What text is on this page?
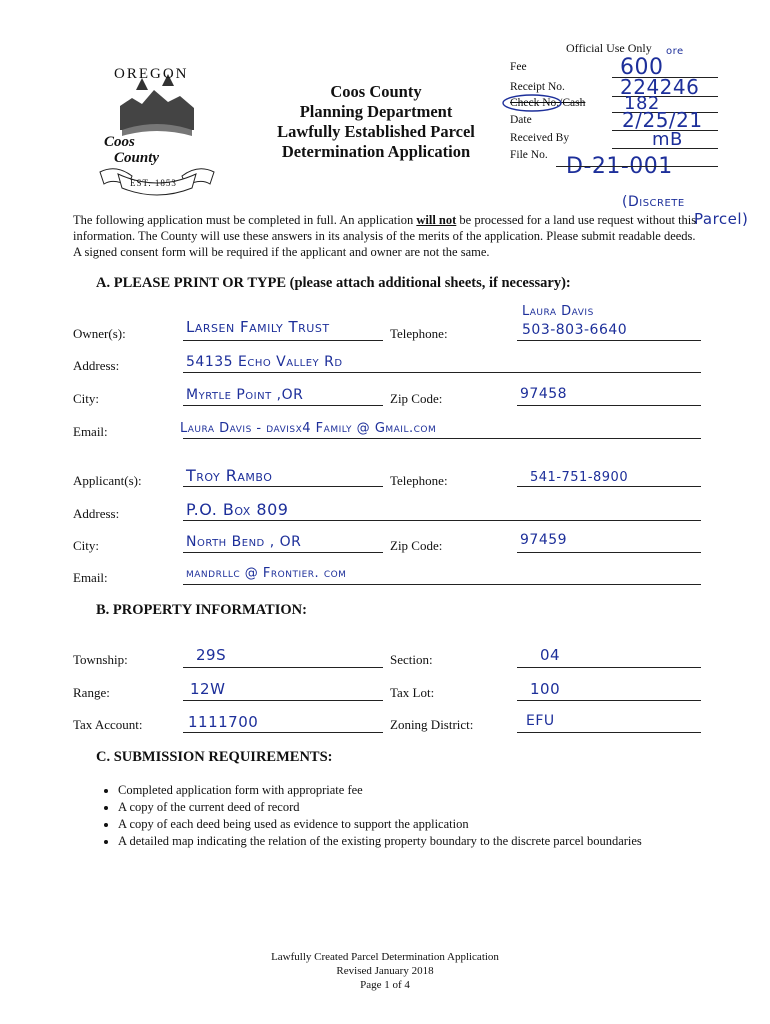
OREGON
Coos
County
EST. 1853
Coos County
Planning Department
Lawfully Established Parcel
Determination Application
Official Use Only ore
Fee	600
Receipt No.	224246
Check No./Cash 182
Date	2/25/21
Received By	mB
File No. D-21-001
(Discrete
Parcel)
The following application must be completed in full. An application will not be processed for a land use request without this information. The County will use these answers in its analysis of the merits of the application. Please submit readable deeds. A signed consent form will be required if the applicant and owner are not the same.
A. PLEASE PRINT OR TYPE (please attach additional sheets, if necessary):
Laura Davis
Owner(s):	Larsen Family Trust	Telephone:	503-803-6640
Address:	54135 Echo Valley Rd
City:	Myrtle Point ,OR	Zip Code:	97458
Email:	Laura Davis - davisx4 Family @ Gmail.com
Applicant(s):	Troy Rambo	Telephone:	541-751-8900
Address:	P.O. Box 809
City:	North Bend , OR	Zip Code:	97459
Email:	mandrllc @ Frontier. com
B. PROPERTY INFORMATION:
Township:	29S	Section:	04
Range:	12W	Tax Lot:	100
Tax Account:	1111700	Zoning District:	EFU
C. SUBMISSION REQUIREMENTS:
• Completed application form with appropriate fee
• A copy of the current deed of record
• A copy of each deed being used as evidence to support the application
• A detailed map indicating the relation of the existing property boundary to the discrete parcel boundaries
Lawfully Created Parcel Determination Application
Revised January 2018
Page 1 of 4
